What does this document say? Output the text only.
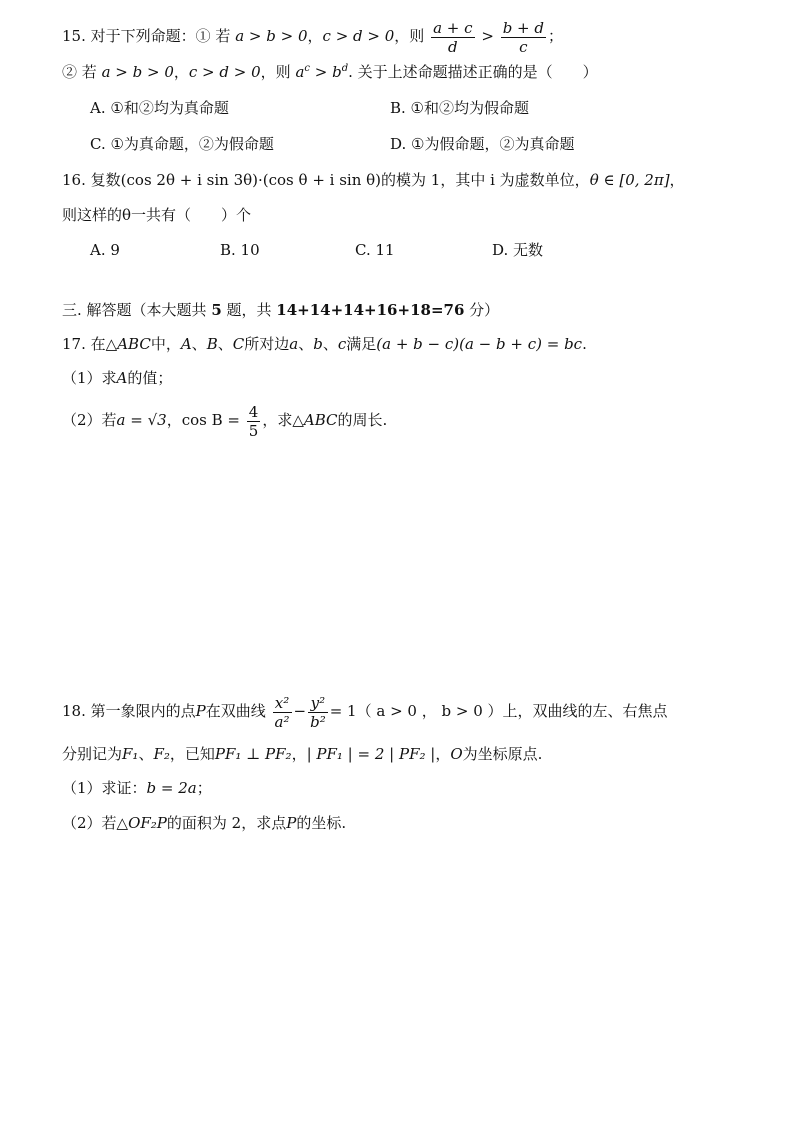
15. 对于下列命题：① 若 a > b > 0，c > d > 0，则 $\frac{a + c}{d} > \frac{b + d}{c}$ ；
② 若 a > b > 0，c > d > 0，则 $a^c > b^d$. 关于上述命题描述正确的是（　　）
A. ①和②均为真命题	B. ①和②均为假命题
C. ①为真命题，②为假命题	D. ①为假命题，②为真命题
16. 复数(cos 2θ + i sin 3θ)·(cos θ + i sin θ)的模为 1，其中 i 为虚数单位，θ ∈ [0, 2π]，
则这样的θ一共有（　　）个
A. 9	B. 10	C. 11	D. 无数
三. 解答题（本大题共 5 题，共 14+14+14+16+18=76 分）
17. 在△ABC中，A、B、C所对边a、b、c满足(a + b − c)(a − b + c) = bc.
（1）求A的值；
（2）若a = √3，$\cos B = \frac{4}{5}$ ，求△ABC的周长.
18. 第一象限内的点P在双曲线 $\frac{\text{x²}}{\text{a²}} - \frac{\text{y²}}{\text{b²}} = 1$（ a > 0 ， b > 0 ）上，双曲线的左、右焦点
分别记为F₁、F₂，已知PF₁ ⊥ PF₂，| PF₁ | = 2 | PF₂ |，O为坐标原点.
（1）求证：b = 2a；
（2）若△OF₂P的面积为 2，求点P的坐标.
